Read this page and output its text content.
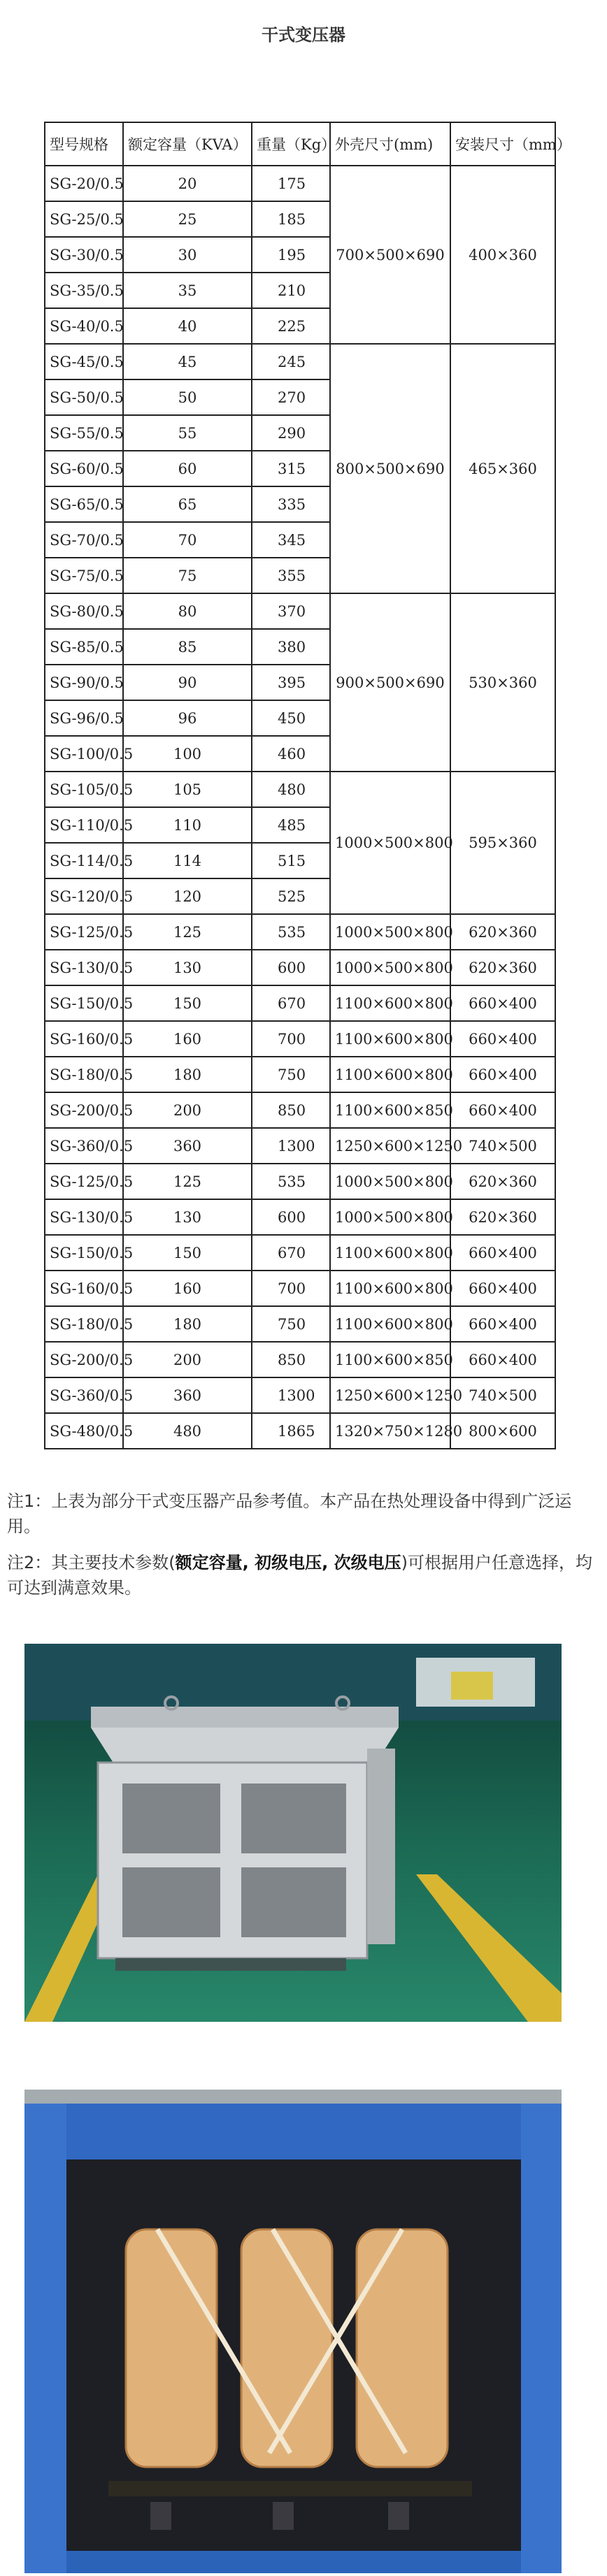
干式变压器
型号规格	额定容量（KVA）	重量（Kg）	外壳尺寸(mm)	安装尺寸（mm）
SG-20/0.5	20	175	700×500×690	400×360
SG-25/0.5	25	185		
SG-30/0.5	30	195		
SG-35/0.5	35	210		
SG-40/0.5	40	225		
SG-45/0.5	45	245	800×500×690	465×360
SG-50/0.5	50	270		
SG-55/0.5	55	290		
SG-60/0.5	60	315		
SG-65/0.5	65	335		
SG-70/0.5	70	345		
SG-75/0.5	75	355		
SG-80/0.5	80	370	900×500×690	530×360
SG-85/0.5	85	380		
SG-90/0.5	90	395		
SG-96/0.5	96	450		
SG-100/0.5	100	460		
SG-105/0.5	105	480	1000×500×800	595×360
SG-110/0.5	110	485		
SG-114/0.5	114	515		
SG-120/0.5	120	525		
SG-125/0.5	125	535	1000×500×800	620×360
SG-130/0.5	130	600	1000×500×800	620×360
SG-150/0.5	150	670	1100×600×800	660×400
SG-160/0.5	160	700	1100×600×800	660×400
SG-180/0.5	180	750	1100×600×800	660×400
SG-200/0.5	200	850	1100×600×850	660×400
SG-360/0.5	360	1300	1250×600×1250	740×500
SG-125/0.5	125	535	1000×500×800	620×360
SG-130/0.5	130	600	1000×500×800	620×360
SG-150/0.5	150	670	1100×600×800	660×400
SG-160/0.5	160	700	1100×600×800	660×400
SG-180/0.5	180	750	1100×600×800	660×400
SG-200/0.5	200	850	1100×600×850	660×400
SG-360/0.5	360	1300	1250×600×1250	740×500
SG-480/0.5	480	1865	1320×750×1280	800×600
注1：上表为部分干式变压器产品参考值。本产品在热处理设备中得到广泛运用。
注2：其主要技术参数(额定容量, 初级电压, 次级电压)可根据用户任意选择，均可达到满意效果。
